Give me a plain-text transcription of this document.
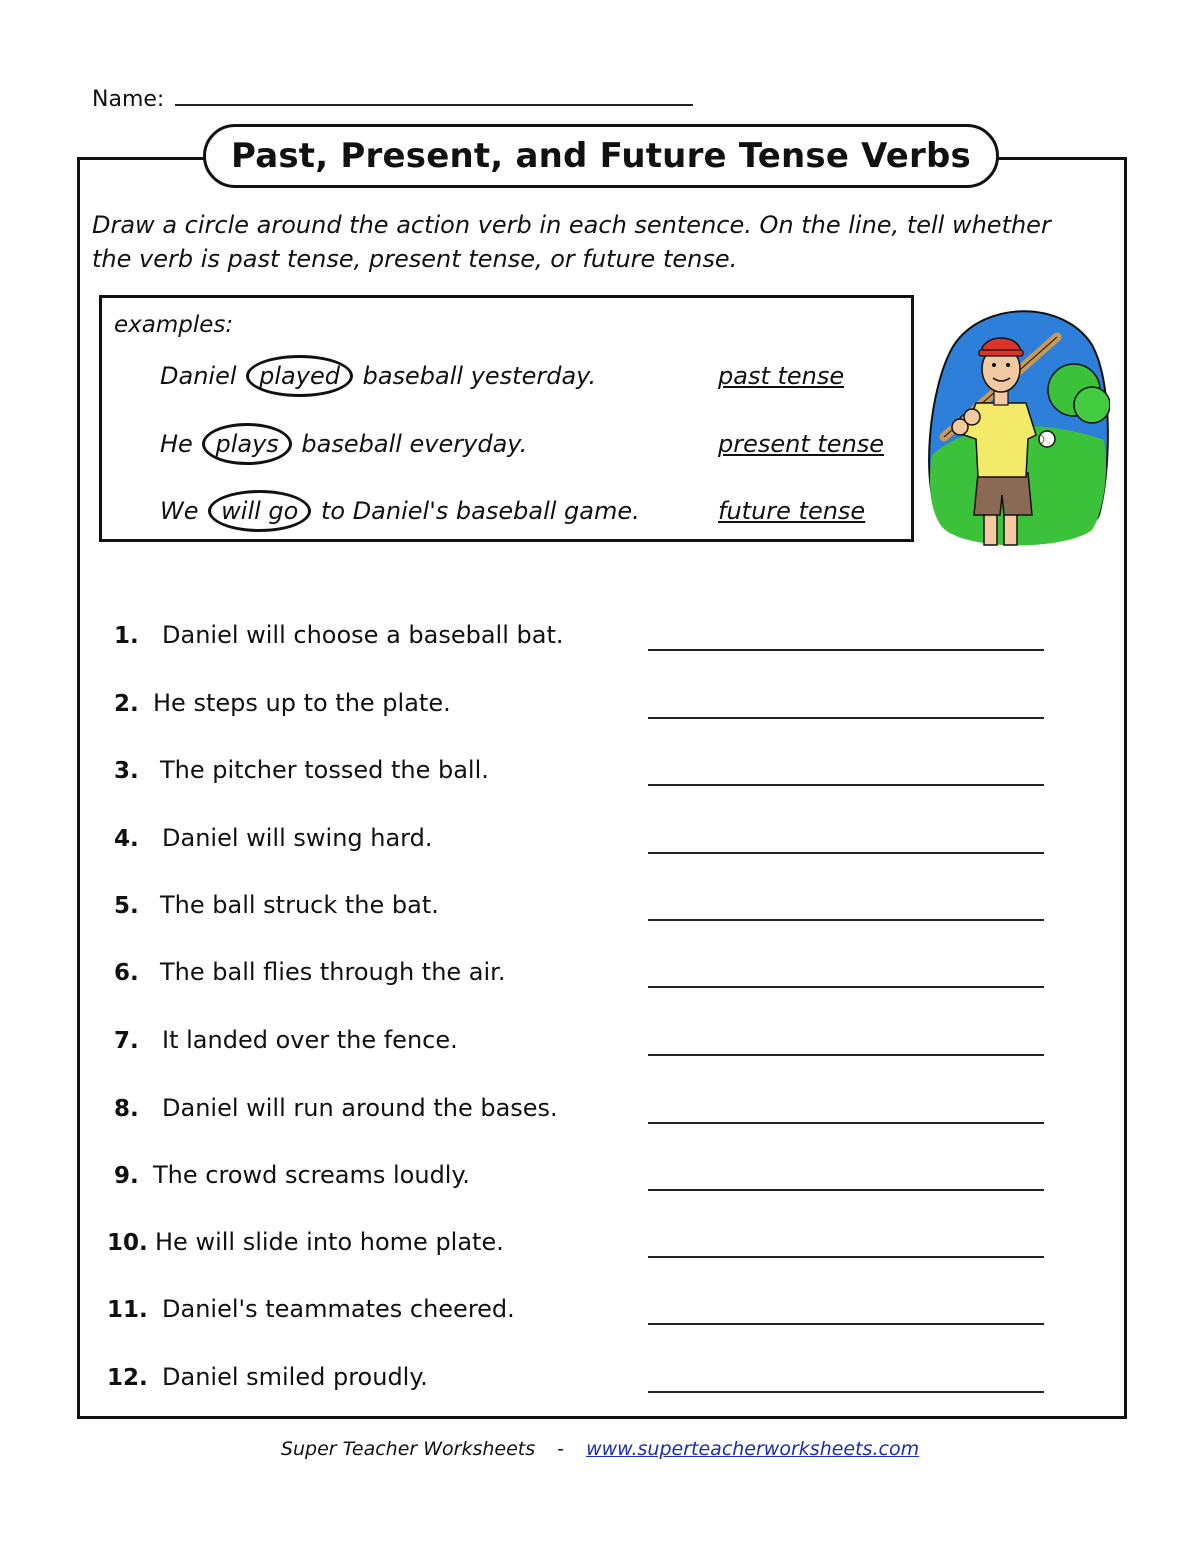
Name:
Past, Present, and Future Tense Verbs
Draw a circle around the action verb in each sentence. On the line, tell whether the verb is past tense, present tense, or future tense.
examples:
Daniel played baseball yesterday.	past tense
He plays baseball everyday.	present tense
We will go to Daniel's baseball game.	future tense
1. Daniel will choose a baseball bat.
2. He steps up to the plate.
3. The pitcher tossed the ball.
4. Daniel will swing hard.
5. The ball struck the bat.
6. The ball flies through the air.
7. It landed over the fence.
8. Daniel will run around the bases.
9. The crowd screams loudly.
10. He will slide into home plate.
11. Daniel's teammates cheered.
12. Daniel smiled proudly.
Super Teacher Worksheets - www.superteacherworksheets.com
